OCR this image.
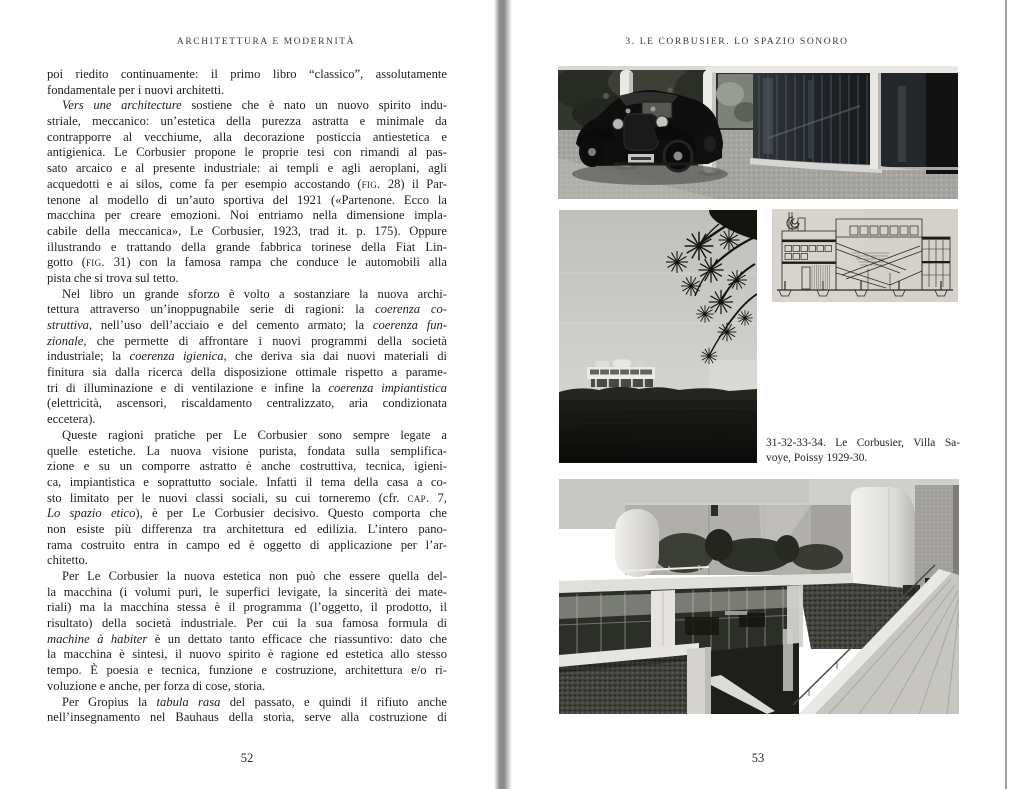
ARCHITETTURA E MODERNITÀ
poi riedito continuamente: il primo libro “classico”, assolutamente
fondamentale per i nuovi architetti.
Vers une architecture sostiene che è nato un nuovo spirito indu-
striale, meccanico: un’estetica della purezza astratta e minimale da
contrapporre al vecchiume, alla decorazione posticcia antiestetica e
antigienica. Le Corbusier propone le proprie tesi con rimandi al pas-
sato arcaico e al presente industriale: ai templi e agli aeroplani, agli
acquedotti e ai silos, come fa per esempio accostando (fig. 28) il Par-
tenone al modello di un’auto sportiva del 1921 («Partenone. Ecco la
macchina per creare emozioni. Noi entriamo nella dimensione impla-
cabile della meccanica», Le Corbusier, 1923, trad it. p. 175). Oppure
illustrando e trattando della grande fabbrica torinese della Fiat Lin-
gotto (fig. 31) con la famosa rampa che conduce le automobili alla
pista che si trova sul tetto.
Nel libro un grande sforzo è volto a sostanziare la nuova archi-
tettura attraverso un’inoppugnabile serie di ragioni: la coerenza co-
struttiva, nell’uso dell’acciaio e del cemento armato; la coerenza fun-
zionale, che permette di affrontare i nuovi programmi della società
industriale; la coerenza igienica, che deriva sia dai nuovi materiali di
finitura sia dalla ricerca della disposizione ottimale rispetto a parame-
tri di illuminazione e di ventilazione e infine la coerenza impiantistica
(elettricità, ascensori, riscaldamento centralizzato, aria condizionata
eccetera).
Queste ragioni pratiche per Le Corbusier sono sempre legate a
quelle estetiche. La nuova visione purista, fondata sulla semplifica-
zione e su un comporre astratto è anche costruttiva, tecnica, igieni-
ca, impiantistica e soprattutto sociale. Infatti il tema della casa a co-
sto limitato per le nuovi classi sociali, su cui torneremo (cfr. cap. 7,
Lo spazio etico), è per Le Corbusier decisivo. Questo comporta che
non esiste più differenza tra architettura ed edilizia. L’intero pano-
rama costruito entra in campo ed è oggetto di applicazione per l’ar-
chitetto.
Per Le Corbusier la nuova estetica non può che essere quella del-
la macchina (i volumi puri, le superfici levigate, la sincerità dei mate-
riali) ma la macchina stessa è il programma (l’oggetto, il prodotto, il
risultato) della società industriale. Per cui la sua famosa formula di
machine à habiter è un dettato tanto efficace che riassuntivo: dato che
la macchina è sintesi, il nuovo spirito è ragione ed estetica allo stesso
tempo. È poesia e tecnica, funzione e costruzione, architettura e/o ri-
voluzione e anche, per forza di cose, storia.
Per Gropius la tabula rasa del passato, e quindi il rifiuto anche
nell’insegnamento nel Bauhaus della storia, serve alla costruzione di
52
3. LE CORBUSIER. LO SPAZIO SONORO
31-32-33-34. Le Corbusier, Villa Sa-
voye, Poissy 1929-30.
53
